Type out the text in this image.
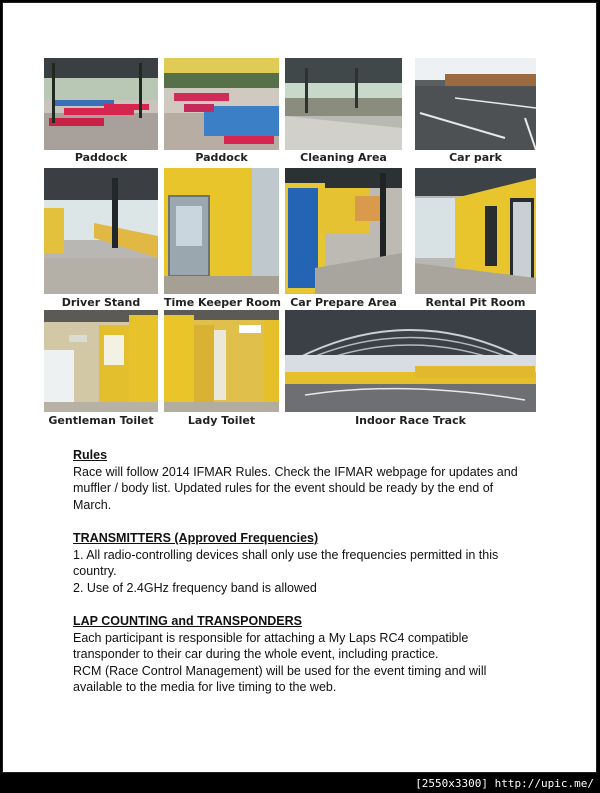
Paddock	Paddock	Cleaning Area	Car park
Driver Stand	Time Keeper Room Car Prepare Area	Rental Pit Room
Gentleman Toilet	Lady Toilet	Indoor Race Track
Rules
Race will follow 2014 IFMAR Rules. Check the IFMAR webpage for updates and
muffler / body list. Updated rules for the event should be ready by the end of
March.
TRANSMITTERS (Approved Frequencies)
1. All radio-controlling devices shall only use the frequencies permitted in this
country.
2. Use of 2.4GHz frequency band is allowed
LAP COUNTING and TRANSPONDERS
Each participant is responsible for attaching a My Laps RC4 compatible
transponder to their car during the whole event, including practice.
RCM (Race Control Management) will be used for the event timing and will
available to the media for live timing to the web.
[2550x3300] http://upic.me/
